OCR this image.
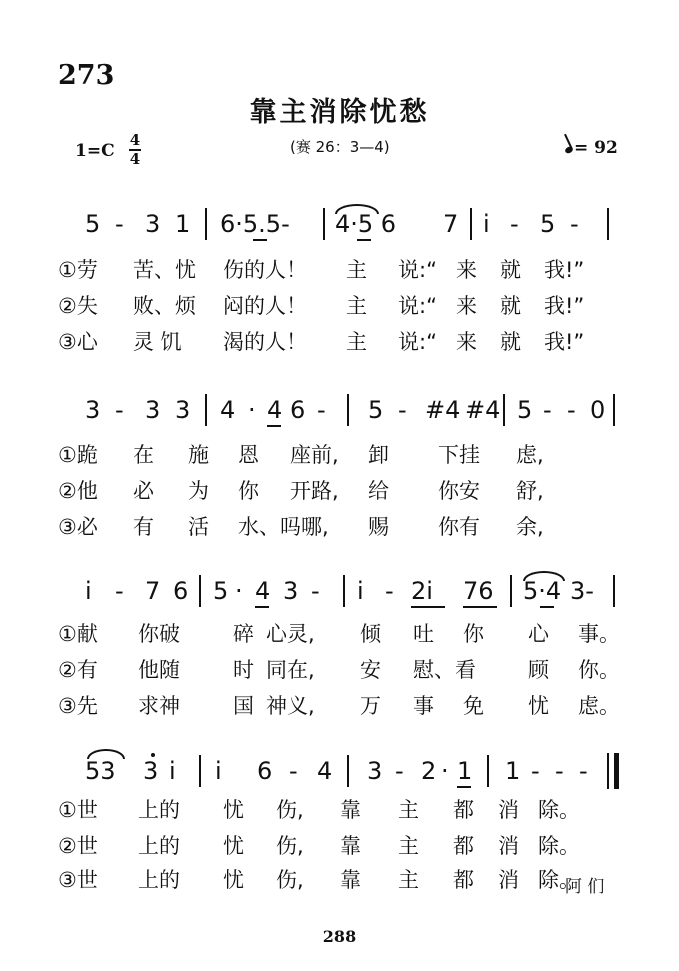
273
靠主消除忧愁
1=C
4
4
(赛 26：3—4)	= 92
5 - 3 1 6·5.5- 4·5 6 7 i - 5 -
①劳 苦、忧 伤的人！ 主 说:“ 来 就 我!”
②失 败、烦 闷的人！ 主 说:“ 来 就 我!”
③心 灵 饥 渴的人！ 主 说:“ 来 就 我!”
3 - 3 3 4 · 4 6 - 5 - #4 #4 5 - - 0
①跪 在 施 恩 座前, 卸 下挂 虑,
②他 必 为 你 开路, 给 你安 舒,
③必 有 活 水、吗哪, 赐 你有 余,
i - 7 6 5 · 4 3 - i - 2i 76 5·4 3-
①献 你破	碎 心灵, 倾 吐 你 心 事。
②有 他随	时 同在, 安 慰、看 顾 你。
③先 求神	国 神义, 万 事 免 忧 虑。
53 3 i i 6 - 4 3 - 2 · 1 1 - - -
①世 上的 忧 伤, 靠 主 都 消 除。
②世 上的 忧 伤, 靠 主 都 消 除。
③世 上的 忧 伤, 靠 主 都 消 除。
阿 们
288
